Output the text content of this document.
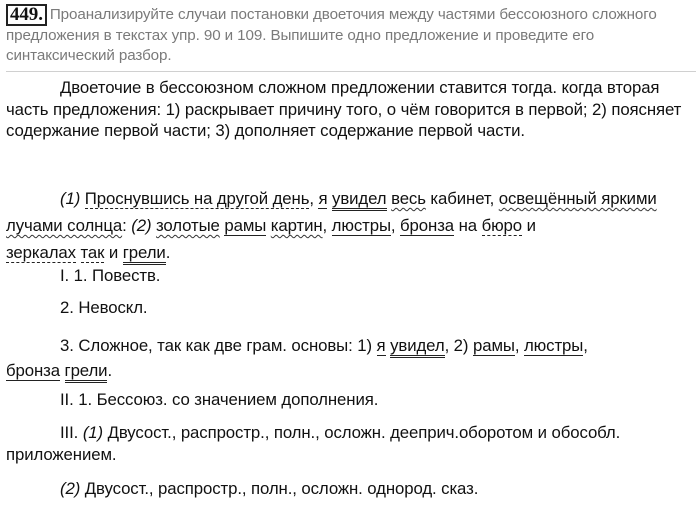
449. Проанализируйте случаи постановки двоеточия между частями бессоюзного сложного предложения в текстах упр. 90 и 109. Выпишите одно предложение и проведите его синтаксический разбор.
Двоеточие в бессоюзном сложном предложении ставится тогда. когда вторая часть предложения: 1) раскрывает причину того, о чём говорится в первой; 2) поясняет содержание первой части; 3) дополняет содержание первой части.
(1) Проснувшись на другой день, я увидел весь кабинет, освещённый яркими лучами солнца: (2) золотые рамы картин, люстры, бронза на бюро и
зеркалах так и грели.
I. 1. Повеств.
2. Невоскл.
3. Сложное, так как две грам. основы: 1) я увидел, 2) рамы, люстры,
бронза грели.
II. 1. Бессоюз. со значением дополнения.
III. (1) Двусост., распростр., полн., осложн. дееприч.оборотом и обособл. приложением.
(2) Двусост., распростр., полн., осложн. однород. сказ.
